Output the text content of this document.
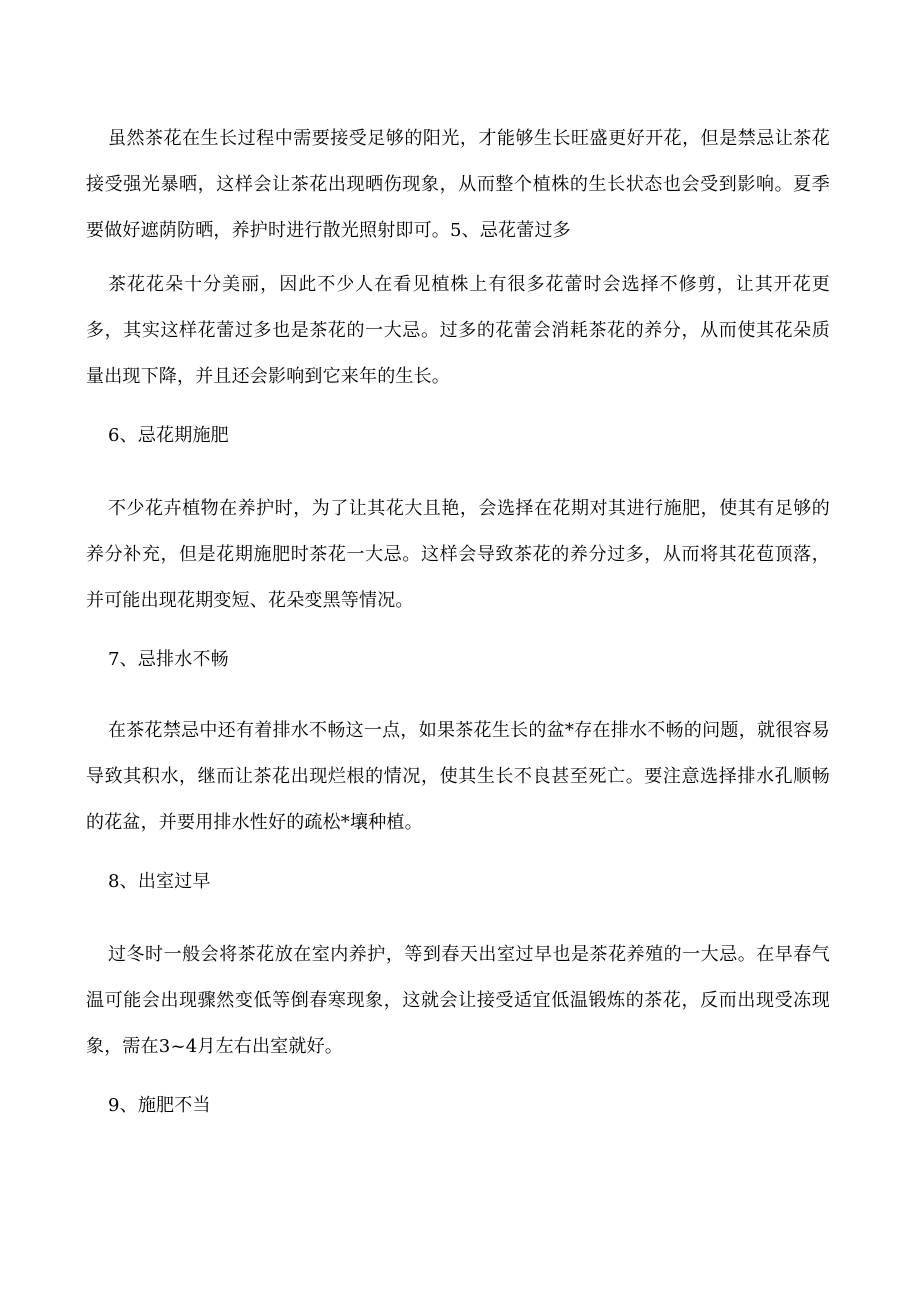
虽然茶花在生长过程中需要接受足够的阳光，才能够生长旺盛更好开花，但是禁忌让茶花接受强光暴晒，这样会让茶花出现晒伤现象，从而整个植株的生长状态也会受到影响。夏季要做好遮荫防晒，养护时进行散光照射即可。5、忌花蕾过多

茶花花朵十分美丽，因此不少人在看见植株上有很多花蕾时会选择不修剪，让其开花更多，其实这样花蕾过多也是茶花的一大忌。过多的花蕾会消耗茶花的养分，从而使其花朵质量出现下降，并且还会影响到它来年的生长。

6、忌花期施肥

不少花卉植物在养护时，为了让其花大且艳，会选择在花期对其进行施肥，使其有足够的养分补充，但是花期施肥时茶花一大忌。这样会导致茶花的养分过多，从而将其花苞顶落，并可能出现花期变短、花朵变黑等情况。

7、忌排水不畅

在茶花禁忌中还有着排水不畅这一点，如果茶花生长的盆*存在排水不畅的问题，就很容易导致其积水，继而让茶花出现烂根的情况，使其生长不良甚至死亡。要注意选择排水孔顺畅的花盆，并要用排水性好的疏松*壤种植。

8、出室过早

过冬时一般会将茶花放在室内养护，等到春天出室过早也是茶花养殖的一大忌。在早春气温可能会出现骤然变低等倒春寒现象，这就会让接受适宜低温锻炼的茶花，反而出现受冻现象，需在3~4月左右出室就好。

9、施肥不当
